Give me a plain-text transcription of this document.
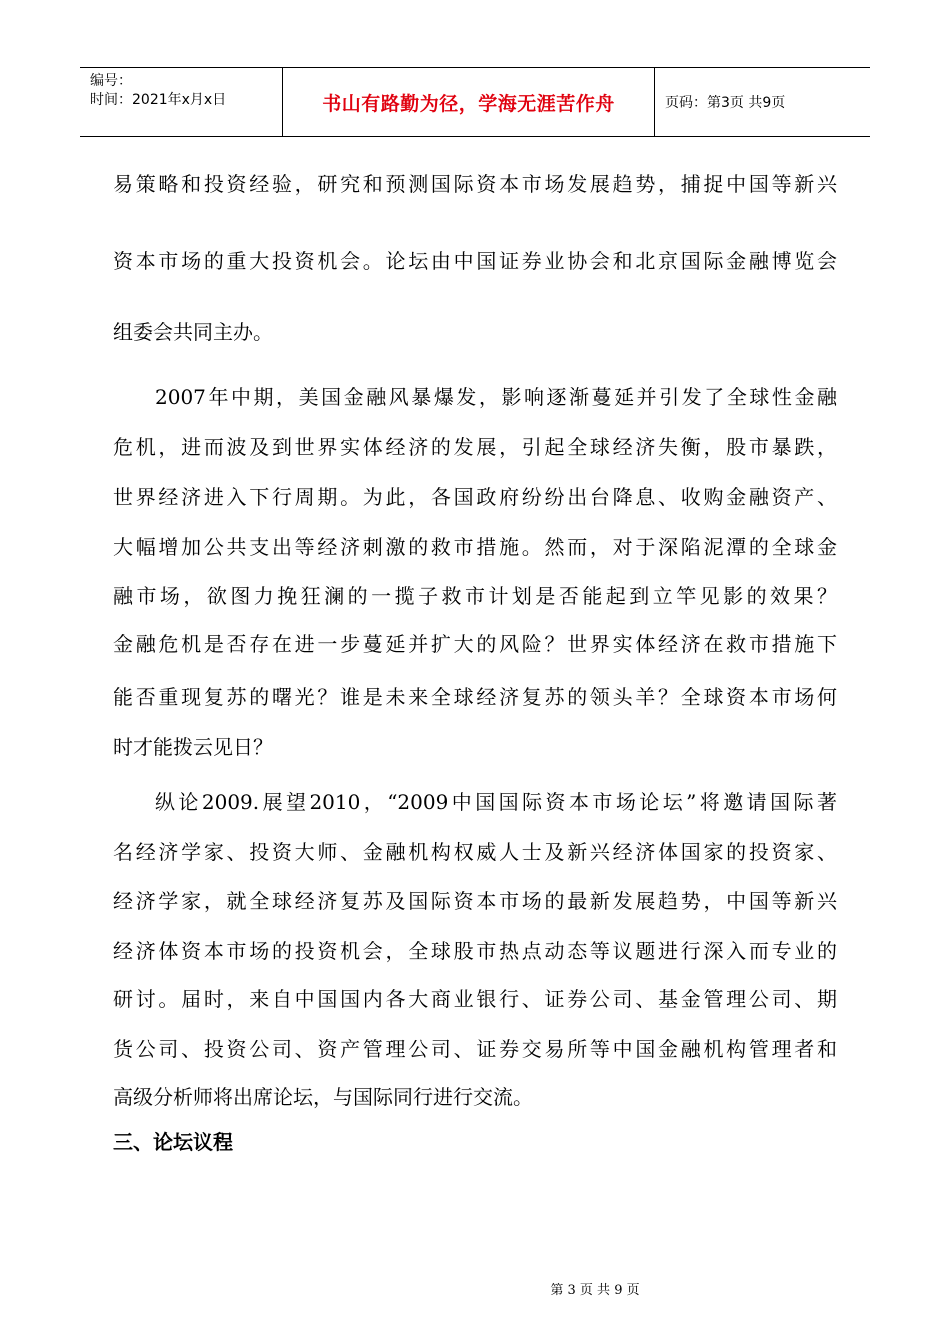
编号：
时间：2021年x月x日	书山有路勤为径，学海无涯苦作舟	页码：第3页 共9页
易策略和投资经验，研究和预测国际资本市场发展趋势，捕捉中国等新兴
资本市场的重大投资机会。论坛由中国证券业协会和北京国际金融博览会
组委会共同主办。
2007年中期，美国金融风暴爆发，影响逐渐蔓延并引发了全球性金融
危机，进而波及到世界实体经济的发展，引起全球经济失衡，股市暴跌，
世界经济进入下行周期。为此，各国政府纷纷出台降息、收购金融资产、
大幅增加公共支出等经济刺激的救市措施。然而，对于深陷泥潭的全球金
融市场，欲图力挽狂澜的一揽子救市计划是否能起到立竿见影的效果？
金融危机是否存在进一步蔓延并扩大的风险？世界实体经济在救市措施下
能否重现复苏的曙光？谁是未来全球经济复苏的领头羊？全球资本市场何
时才能拨云见日？
纵论2009.展望2010，“2009中国国际资本市场论坛”将邀请国际著
名经济学家、投资大师、金融机构权威人士及新兴经济体国家的投资家、
经济学家，就全球经济复苏及国际资本市场的最新发展趋势，中国等新兴
经济体资本市场的投资机会，全球股市热点动态等议题进行深入而专业的
研讨。届时，来自中国国内各大商业银行、证券公司、基金管理公司、期
货公司、投资公司、资产管理公司、证券交易所等中国金融机构管理者和
高级分析师将出席论坛，与国际同行进行交流。
三、论坛议程
第 3 页 共 9 页
